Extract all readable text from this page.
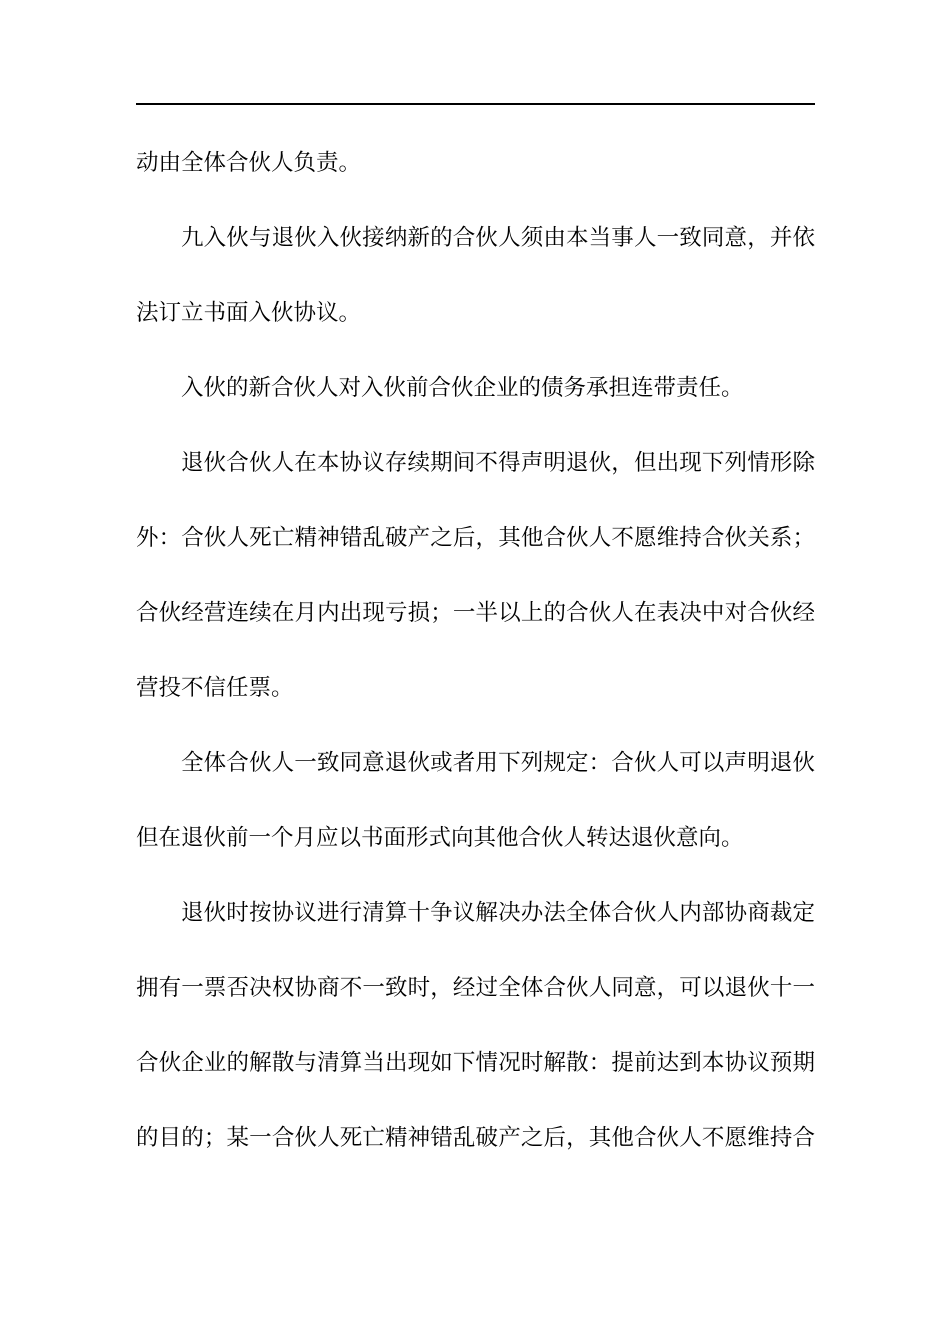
动由全体合伙人负责。
九入伙与退伙入伙接纳新的合伙人须由本当事人一致同意，并依
法订立书面入伙协议。
入伙的新合伙人对入伙前合伙企业的债务承担连带责任。
退伙合伙人在本协议存续期间不得声明退伙，但出现下列情形除
外：合伙人死亡精神错乱破产之后，其他合伙人不愿维持合伙关系；
合伙经营连续在月内出现亏损；一半以上的合伙人在表决中对合伙经
营投不信任票。
全体合伙人一致同意退伙或者用下列规定：合伙人可以声明退伙
但在退伙前一个月应以书面形式向其他合伙人转达退伙意向。
退伙时按协议进行清算十争议解决办法全体合伙人内部协商裁定
拥有一票否决权协商不一致时，经过全体合伙人同意，可以退伙十一
合伙企业的解散与清算当出现如下情况时解散：提前达到本协议预期
的目的；某一合伙人死亡精神错乱破产之后，其他合伙人不愿维持合
